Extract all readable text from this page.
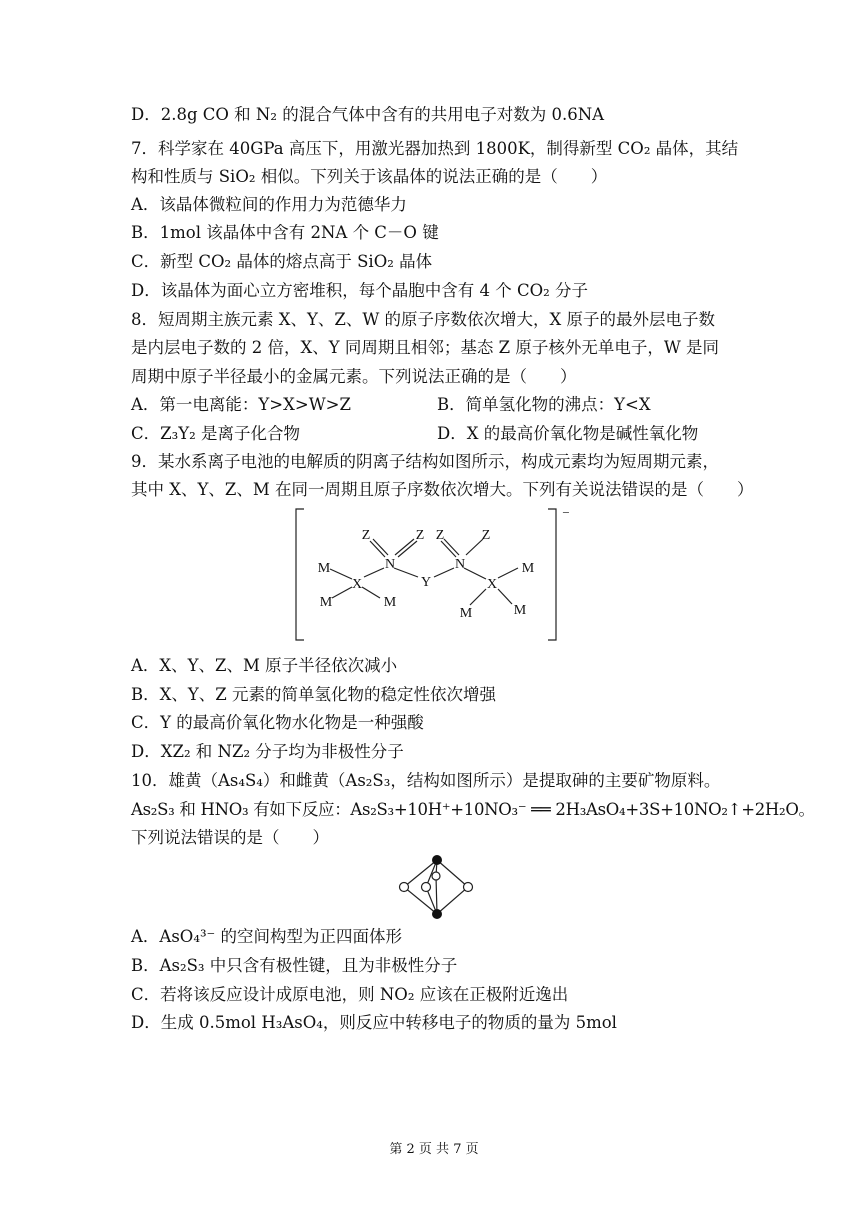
D．2.8g CO 和 N₂ 的混合气体中含有的共用电子对数为 0.6NA
7．科学家在 40GPa 高压下，用激光器加热到 1800K，制得新型 CO₂ 晶体，其结
构和性质与 SiO₂ 相似。下列关于该晶体的说法正确的是（　　）
A．该晶体微粒间的作用力为范德华力
B．1mol 该晶体中含有 2NA 个 C－O 键
C．新型 CO₂ 晶体的熔点高于 SiO₂ 晶体
D．该晶体为面心立方密堆积，每个晶胞中含有 4 个 CO₂ 分子
8．短周期主族元素 X、Y、Z、W 的原子序数依次增大，X 原子的最外层电子数
是内层电子数的 2 倍，X、Y 同周期且相邻；基态 Z 原子核外无单电子，W 是同
周期中原子半径最小的金属元素。下列说法正确的是（　　）
A．第一电离能：Y>X>W>Z	B．简单氢化物的沸点：Y<X
C．Z₃Y₂ 是离子化合物	D．X 的最高价氧化物是碱性氧化物
9．某水系离子电池的电解质的阴离子结构如图所示，构成元素均为短周期元素，
其中 X、Y、Z、M 在同一周期且原子序数依次增大。下列有关说法错误的是（　　）
Z	Z Z	Z
N	N
Y
X	X
M
M	M
M
M	M
−
A．X、Y、Z、M 原子半径依次减小
B．X、Y、Z 元素的简单氢化物的稳定性依次增强
C．Y 的最高价氧化物水化物是一种强酸
D．XZ₂ 和 NZ₂ 分子均为非极性分子
10．雄黄（As₄S₄）和雌黄（As₂S₃，结构如图所示）是提取砷的主要矿物原料。
As₂S₃ 和 HNO₃ 有如下反应：As₂S₃+10H⁺+10NO₃⁻ ══ 2H₃AsO₄+3S+10NO₂↑+2H₂O。
下列说法错误的是（　　）
A．AsO₄³⁻ 的空间构型为正四面体形
B．As₂S₃ 中只含有极性键，且为非极性分子
C．若将该反应设计成原电池，则 NO₂ 应该在正极附近逸出
D．生成 0.5mol H₃AsO₄，则反应中转移电子的物质的量为 5mol
第 2 页 共 7 页
